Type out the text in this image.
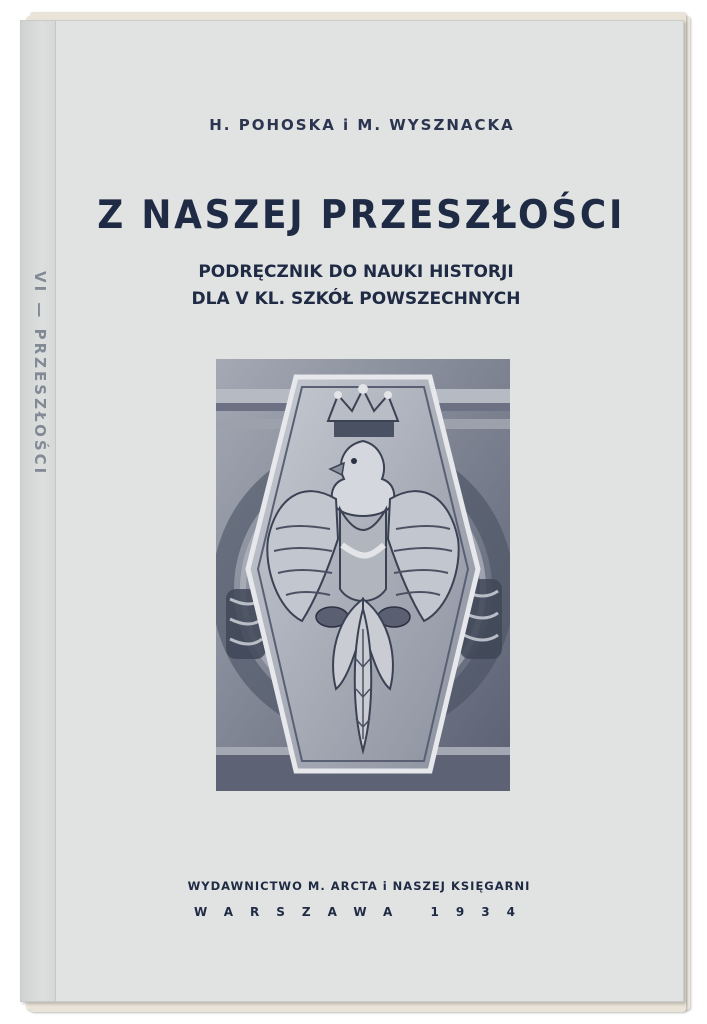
VI — PRZESZŁOŚCI
H. POHOSKA i M. WYSZNACKA
Z NASZEJ PRZESZŁOŚCI
PODRĘCZNIK DO NAUKI HISTORJI
DLA V KL. SZKÓŁ POWSZECHNYCH
WYDAWNICTWO M. ARCTA i NASZEJ KSIĘGARNI
WARSZAWA 1934
